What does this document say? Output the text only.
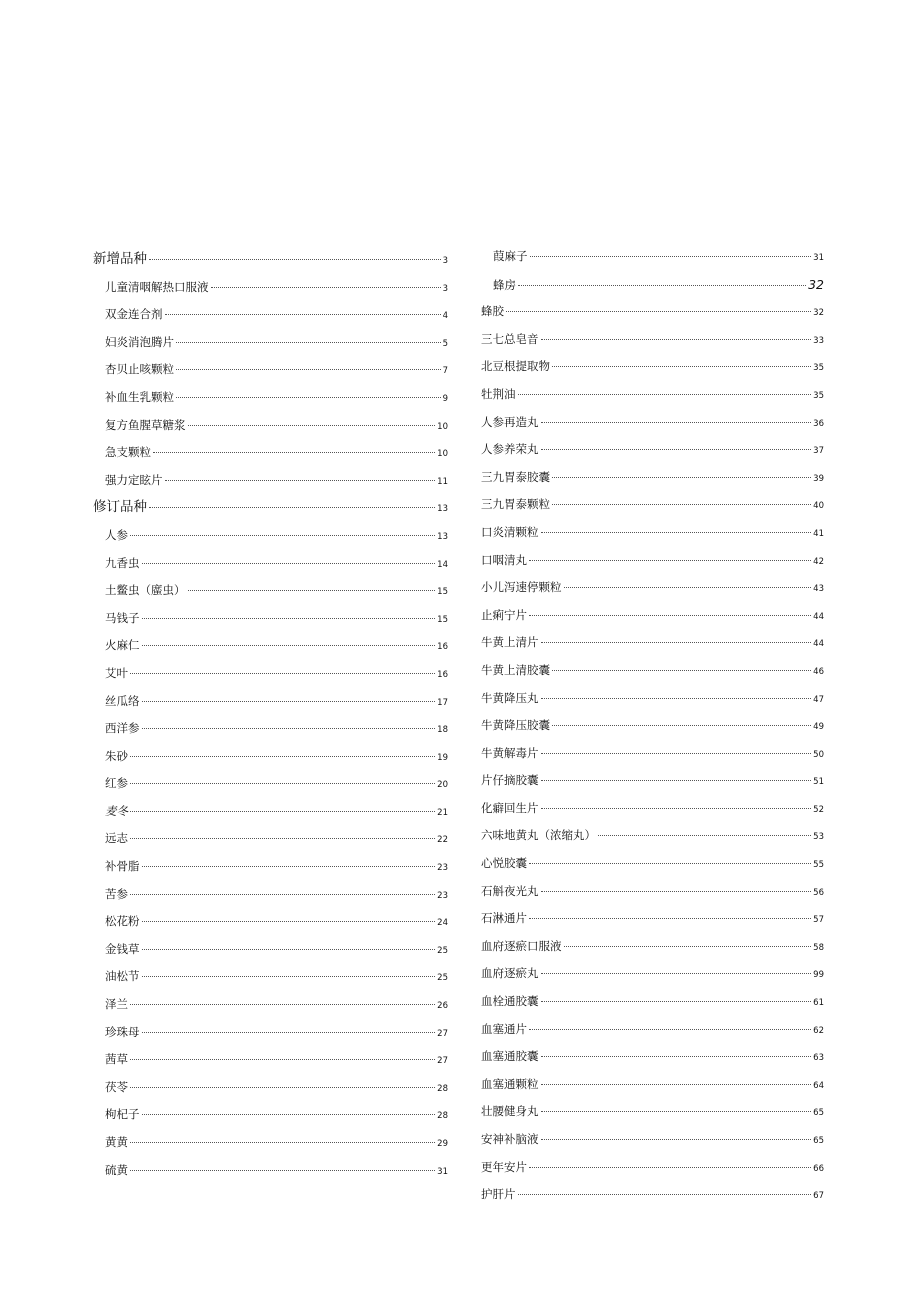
新增品种	3
儿童清咽解热口服液	3
双金连合剂	4
妇炎消泡腾片	5
杏贝止咳颗粒	7
补血生乳颗粒	9
复方鱼腥草糖浆	10
急支颗粒	10
强力定眩片	11
修订品种	13
人参	13
九香虫	14
土鳖虫（䗪虫）	15
马钱子	15
火麻仁	16
艾叶	16
丝瓜络	17
西洋参	18
朱砂	19
红参	20
麦冬	21
远志	22
补骨脂	23
苦参	23
松花粉	24
金钱草	25
油松节	25
泽兰	26
珍珠母	27
茜草	27
茯苓	28
枸杞子	28
黄黄	29
硫黄	31
葭麻子	31
蜂房	32
蜂胶	32
三七总皂音	33
北豆根提取物	35
牡荆油	35
人参再造丸	36
人参养荣丸	37
三九胃泰胶囊	39
三九胃泰颗粒	40
口炎清颗粒	41
口咽清丸	42
小儿泻速停颗粒	43
止痢宁片	44
牛黄上清片	44
牛黄上清胶囊	46
牛黄降压丸	47
牛黄降压胶囊	49
牛黄解毒片	50
片仔摘胶囊	51
化癖回生片	52
六味地黄丸（浓缩丸）	53
心悦胶囊	55
石斛夜光丸	56
石淋通片	57
血府逐瘀口服液	58
血府逐瘀丸	99
血栓通胶囊	61
血塞通片	62
血塞通胶囊	63
血塞通颗粒	64
壮腰健身丸	65
安神补脑液	65
更年安片	66
护肝片	67
